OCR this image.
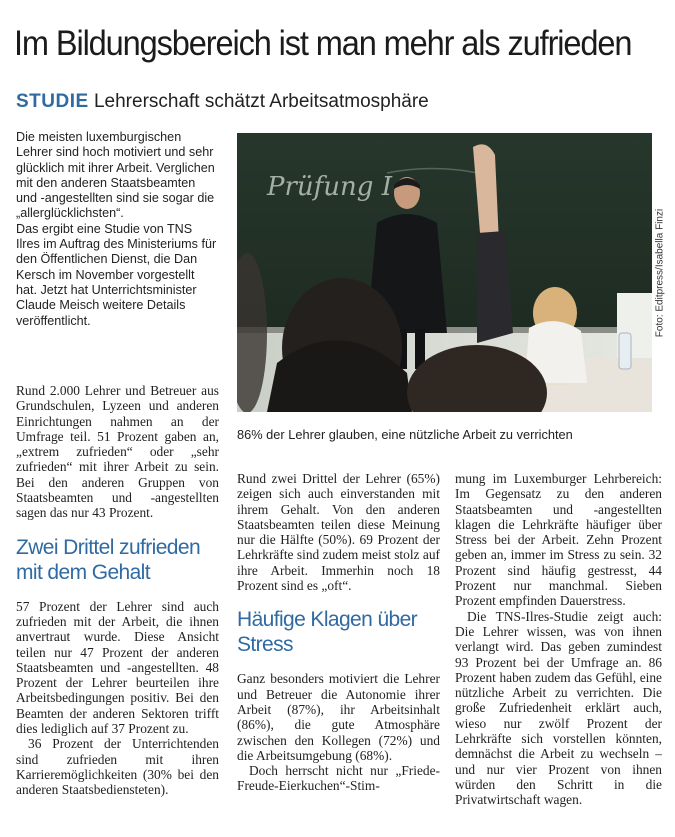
Im Bildungsbereich ist man mehr als zufrieden
STUDIE Lehrerschaft schätzt Arbeitsatmosphäre

Die meisten luxemburgischen Lehrer sind hoch motiviert und sehr glücklich mit ihrer Arbeit. Verglichen mit den anderen Staatsbeamten und -angestellten sind sie sogar die „allerglücklichsten“.

Das ergibt eine Studie von TNS Ilres im Auftrag des Ministeriums für den Öffentlichen Dienst, die Dan Kersch im November vorgestellt hat. Jetzt hat Unterrichtsminister Claude Meisch weitere Details veröffentlicht.

Rund 2.000 Lehrer und Betreuer aus Grundschulen, Lyzeen und anderen Einrichtungen nahmen an der Umfrage teil. 51 Prozent gaben an, „extrem zufrieden“ oder „sehr zufrieden“ mit ihrer Arbeit zu sein. Bei den anderen Gruppen von Staatsbeamten und -angestellten sagen das nur 43 Prozent.

Zwei Drittel zufrieden mit dem Gehalt

57 Prozent der Lehrer sind auch zufrieden mit der Arbeit, die ihnen anvertraut wurde. Diese Ansicht teilen nur 47 Prozent der anderen Staatsbeamten und -angestellten. 48 Prozent der Lehrer beurteilen ihre Arbeitsbedingungen positiv. Bei den Beamten der anderen Sektoren trifft dies lediglich auf 37 Prozent zu.

36 Prozent der Unterrichtenden sind zufrieden mit ihren Karrieremöglichkeiten (30% bei den anderen Staatsbediensteten).

Rund zwei Drittel der Lehrer (65%) zeigen sich auch einverstanden mit ihrem Gehalt. Von den anderen Staatsbeamten teilen diese Meinung nur die Hälfte (50%). 69 Prozent der Lehrkräfte sind zudem meist stolz auf ihre Arbeit. Immerhin noch 18 Prozent sind es „oft“.

Häufige Klagen über Stress

Ganz besonders motiviert die Lehrer und Betreuer die Autonomie ihrer Arbeit (87%), ihr Arbeitsinhalt (86%), die gute Atmosphäre zwischen den Kollegen (72%) und die Arbeitsumgebung (68%).

Doch herrscht nicht nur „Friede-Freude-Eierkuchen“-Stim-

mung im Luxemburger Lehrbereich: Im Gegensatz zu den anderen Staatsbeamten und -angestellten klagen die Lehrkräfte häufiger über Stress bei der Arbeit. Zehn Prozent geben an, immer im Stress zu sein. 32 Prozent sind häufig gestresst, 44 Prozent nur manchmal. Sieben Prozent empfinden Dauerstress.

Die TNS-Ilres-Studie zeigt auch: Die Lehrer wissen, was von ihnen verlangt wird. Das geben zumindest 93 Prozent bei der Umfrage an. 86 Prozent haben zudem das Gefühl, eine nützliche Arbeit zu verrichten. Die große Zufriedenheit erklärt auch, wieso nur zwölf Prozent der Lehrkräfte sich vorstellen könnten, demnächst die Arbeit zu wechseln – und nur vier Prozent von ihnen würden den Schritt in die Privatwirtschaft wagen.

Prüfung I
Foto: Editpress/Isabella Finzi
86% der Lehrer glauben, eine nützliche Arbeit zu verrichten
